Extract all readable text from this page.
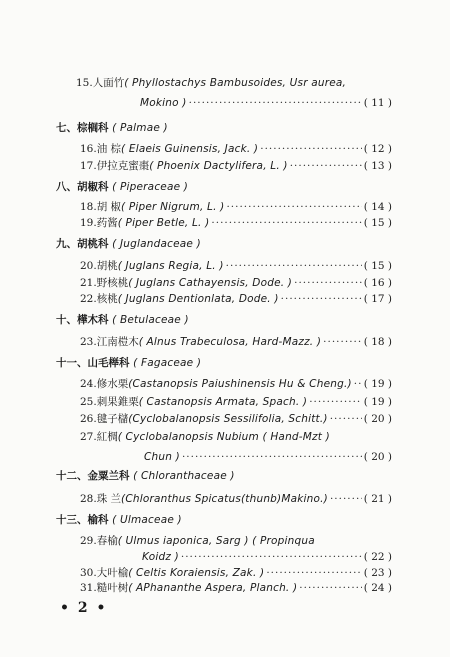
15. 人面竹 ( Phyllostachys Bambusoides, Usr aurea,
Mokino ) ·····	( 11 )
七、棕榈科 ( Palmae )
16. 油 棕 ( Elaeis Guinensis, Jack. ) ·····	( 12 )
17. 伊拉克蜜棗 ( Phoenix Dactylifera, L. ) ·····	( 13 )
八、胡椒科 ( Piperaceae )
18. 胡 椒 ( Piper Nigrum, L. ) ·····	( 14 )
19. 药酱 ( Piper Betle, L. ) ·····	( 15 )
九、胡桃科 ( Juglandaceae )
20. 胡桃 ( Juglans Regia, L. ) ·····	( 15 )
21. 野核桃 ( Juglans Cathayensis, Dode. ) ·····	( 16 )
22. 核桃 ( Juglans Dentionlata, Dode. ) ·····	( 17 )
十、樺木科 ( Betulaceae )
23. 江南榿木 ( Alnus Trabeculosa, Hard-Mazz. ) ·····	( 18 )
十一、山毛榉科 ( Fagaceae )
24. 修水栗 (Castanopsis Paiushinensis Hu & Cheng.) ····· ( 19 )
25. 刺果錐栗 ( Castanopsis Armata, Spach. ) ·····	( 19 )
26. 毽子櫧 (Cyclobalanopsis Sessilifolia, Schitt.) ·····	( 20 )
27. 紅椆 ( Cyclobalanopsis Nubium ( Hand-Mzt )
Chun ) ·····	( 20 )
十二、金粟兰科 ( Chloranthaceae )
28. 珠 兰 (Chloranthus Spicatus(thunb)Makino.) ·····	( 21 )
十三、榆科 ( Ulmaceae )
29. 春榆 ( Ulmus iaponica, Sarg ) ( Propinqua
Koidz ) ·····	( 22 )
30. 大叶榆 ( Celtis Koraiensis, Zak. ) ·····	( 23 )
31. 糙叶树 ( APhananthe Aspera, Planch. ) ·····	( 24 )
• 2 •
